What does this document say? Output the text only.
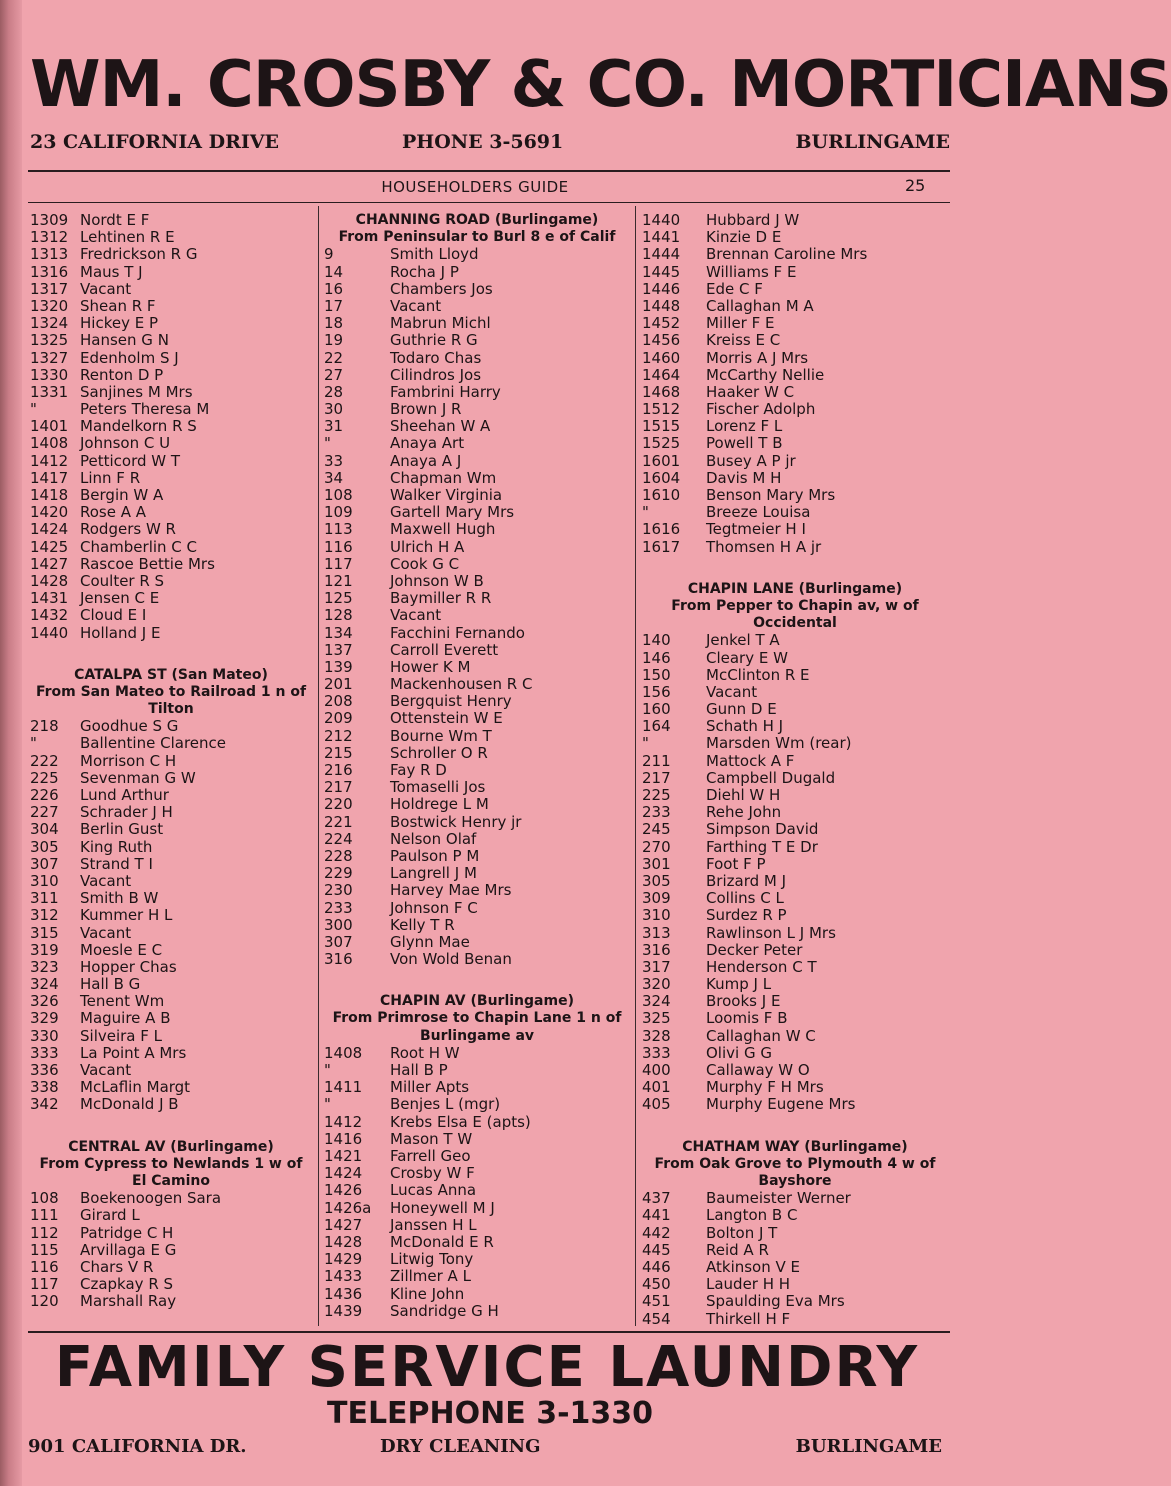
WM. CROSBY & CO. MORTICIANS
23 CALIFORNIA DRIVE	PHONE 3-5691	BURLINGAME
HOUSEHOLDERS GUIDE	25
1309 Nordt E F
1312 Lehtinen R E
1313 Fredrickson R G
1316 Maus T J
1317 Vacant
1320 Shean R F
1324 Hickey E P
1325 Hansen G N
1327 Edenholm S J
1330 Renton D P
1331 Sanjines M Mrs
"	Peters Theresa M
1401 Mandelkorn R S
1408 Johnson C U
1412 Petticord W T
1417 Linn F R
1418 Bergin W A
1420 Rose A A
1424 Rodgers W R
1425 Chamberlin C C
1427 Rascoe Bettie Mrs
1428 Coulter R S
1431 Jensen C E
1432 Cloud E I
1440 Holland J E
CATALPA ST (San Mateo)
From San Mateo to Railroad 1 n of
Tilton
218 Goodhue S G
"	Ballentine Clarence
222 Morrison C H
225 Sevenman G W
226 Lund Arthur
227 Schrader J H
304 Berlin Gust
305 King Ruth
307 Strand T I
310 Vacant
311 Smith B W
312 Kummer H L
315 Vacant
319 Moesle E C
323 Hopper Chas
324 Hall B G
326 Tenent Wm
329 Maguire A B
330 Silveira F L
333 La Point A Mrs
336 Vacant
338 McLaflin Margt
342 McDonald J B
CENTRAL AV (Burlingame)
From Cypress to Newlands 1 w of
El Camino
108 Boekenoogen Sara
111 Girard L
112 Patridge C H
115 Arvillaga E G
116 Chars V R
117 Czapkay R S
120 Marshall Ray
CHANNING ROAD (Burlingame)
From Peninsular to Burl 8 e of Calif
9	Smith Lloyd
14	Rocha J P
16	Chambers Jos
17	Vacant
18	Mabrun Michl
19	Guthrie R G
22	Todaro Chas
27	Cilindros Jos
28	Fambrini Harry
30	Brown J R
31	Sheehan W A
"	Anaya Art
33	Anaya A J
34	Chapman Wm
108 Walker Virginia
109 Gartell Mary Mrs
113 Maxwell Hugh
116 Ulrich H A
117 Cook G C
121 Johnson W B
125 Baymiller R R
128 Vacant
134 Facchini Fernando
137 Carroll Everett
139 Hower K M
201 Mackenhousen R C
208 Bergquist Henry
209 Ottenstein W E
212 Bourne Wm T
215 Schroller O R
216 Fay R D
217 Tomaselli Jos
220 Holdrege L M
221 Bostwick Henry jr
224 Nelson Olaf
228 Paulson P M
229 Langrell J M
230 Harvey Mae Mrs
233 Johnson F C
300 Kelly T R
307 Glynn Mae
316 Von Wold Benan
CHAPIN AV (Burlingame)
From Primrose to Chapin Lane 1 n of
Burlingame av
1408 Root H W
"	Hall B P
1411 Miller Apts
"	Benjes L (mgr)
1412 Krebs Elsa E (apts)
1416 Mason T W
1421 Farrell Geo
1424 Crosby W F
1426 Lucas Anna
1426a Honeywell M J
1427 Janssen H L
1428 McDonald E R
1429 Litwig Tony
1433 Zillmer A L
1436 Kline John
1439 Sandridge G H
1440 Hubbard J W
1441 Kinzie D E
1444 Brennan Caroline Mrs
1445 Williams F E
1446 Ede C F
1448 Callaghan M A
1452 Miller F E
1456 Kreiss E C
1460 Morris A J Mrs
1464 McCarthy Nellie
1468 Haaker W C
1512 Fischer Adolph
1515 Lorenz F L
1525 Powell T B
1601 Busey A P jr
1604 Davis M H
1610 Benson Mary Mrs
"	Breeze Louisa
1616 Tegtmeier H I
1617 Thomsen H A jr
CHAPIN LANE (Burlingame)
From Pepper to Chapin av, w of
Occidental
140 Jenkel T A
146 Cleary E W
150 McClinton R E
156 Vacant
160 Gunn D E
164 Schath H J
"	Marsden Wm (rear)
211 Mattock A F
217 Campbell Dugald
225 Diehl W H
233 Rehe John
245 Simpson David
270 Farthing T E Dr
301 Foot F P
305 Brizard M J
309 Collins C L
310 Surdez R P
313 Rawlinson L J Mrs
316 Decker Peter
317 Henderson C T
320 Kump J L
324 Brooks J E
325 Loomis F B
328 Callaghan W C
333 Olivi G G
400 Callaway W O
401 Murphy F H Mrs
405 Murphy Eugene Mrs
CHATHAM WAY (Burlingame)
From Oak Grove to Plymouth 4 w of
Bayshore
437 Baumeister Werner
441 Langton B C
442 Bolton J T
445 Reid A R
446 Atkinson V E
450 Lauder H H
451 Spaulding Eva Mrs
454 Thirkell H F
FAMILY SERVICE LAUNDRY
TELEPHONE 3-1330
901 CALIFORNIA DR.	DRY CLEANING	BURLINGAME
